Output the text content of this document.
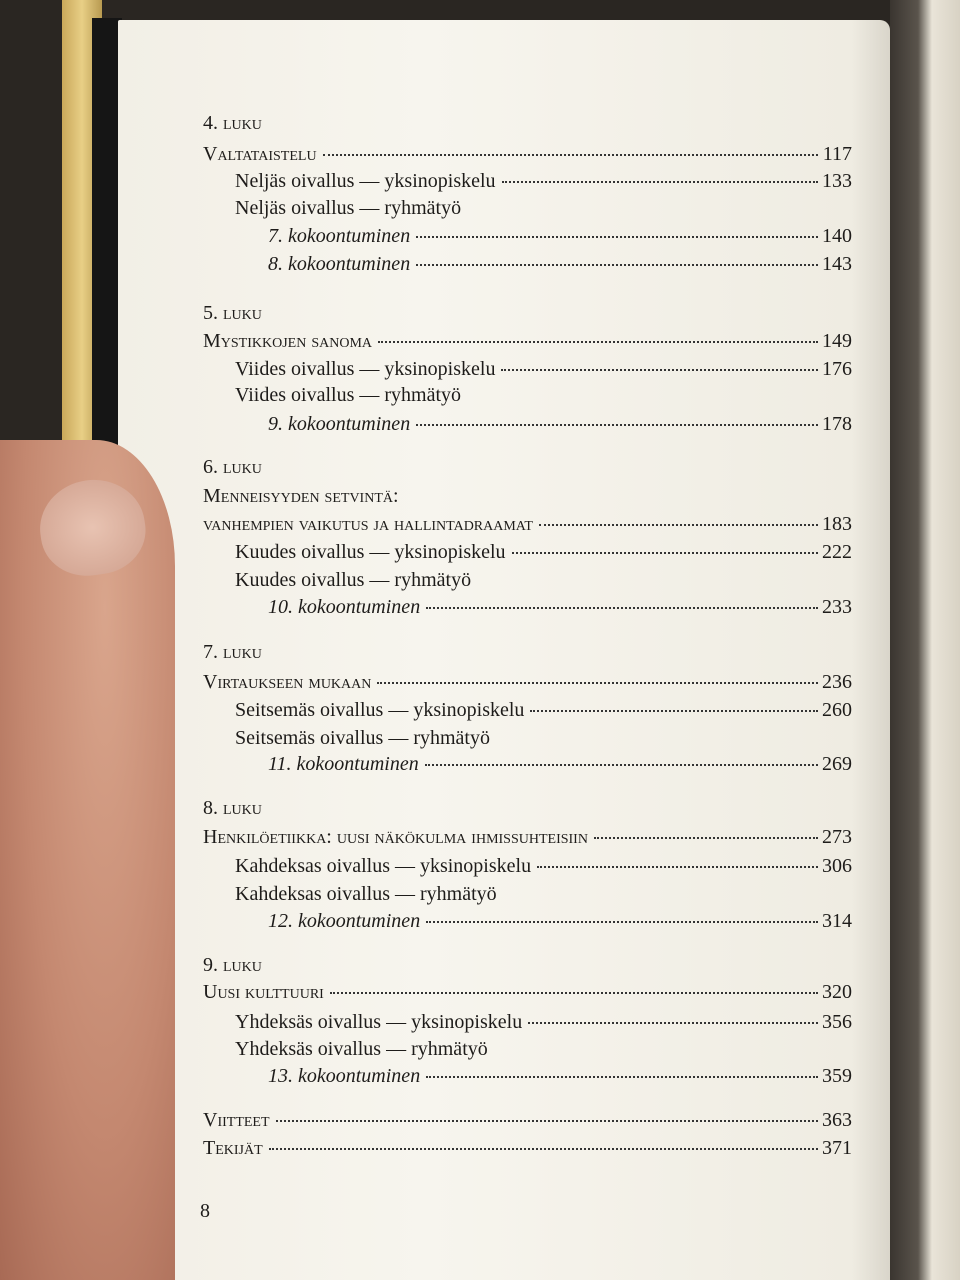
4. luku
Valtataistelu	117
Neljäs oivallus — yksinopiskelu	133
Neljäs oivallus — ryhmätyö
7. kokoontuminen	140
8. kokoontuminen	143
5. luku
Mystikkojen sanoma	149
Viides oivallus — yksinopiskelu	176
Viides oivallus — ryhmätyö
9. kokoontuminen	178
6. luku
Menneisyyden setvintä:
vanhempien vaikutus ja hallintadraamat	183
Kuudes oivallus — yksinopiskelu	222
Kuudes oivallus — ryhmätyö
10. kokoontuminen	233
7. luku
Virtaukseen mukaan	236
Seitsemäs oivallus — yksinopiskelu	260
Seitsemäs oivallus — ryhmätyö
11. kokoontuminen	269
8. luku
Henkilöetiikka: uusi näkökulma ihmissuhteisiin	273
Kahdeksas oivallus — yksinopiskelu	306
Kahdeksas oivallus — ryhmätyö
12. kokoontuminen	314
9. luku
Uusi kulttuuri	320
Yhdeksäs oivallus — yksinopiskelu	356
Yhdeksäs oivallus — ryhmätyö
13. kokoontuminen	359
Viitteet	363
Tekijät	371
8
